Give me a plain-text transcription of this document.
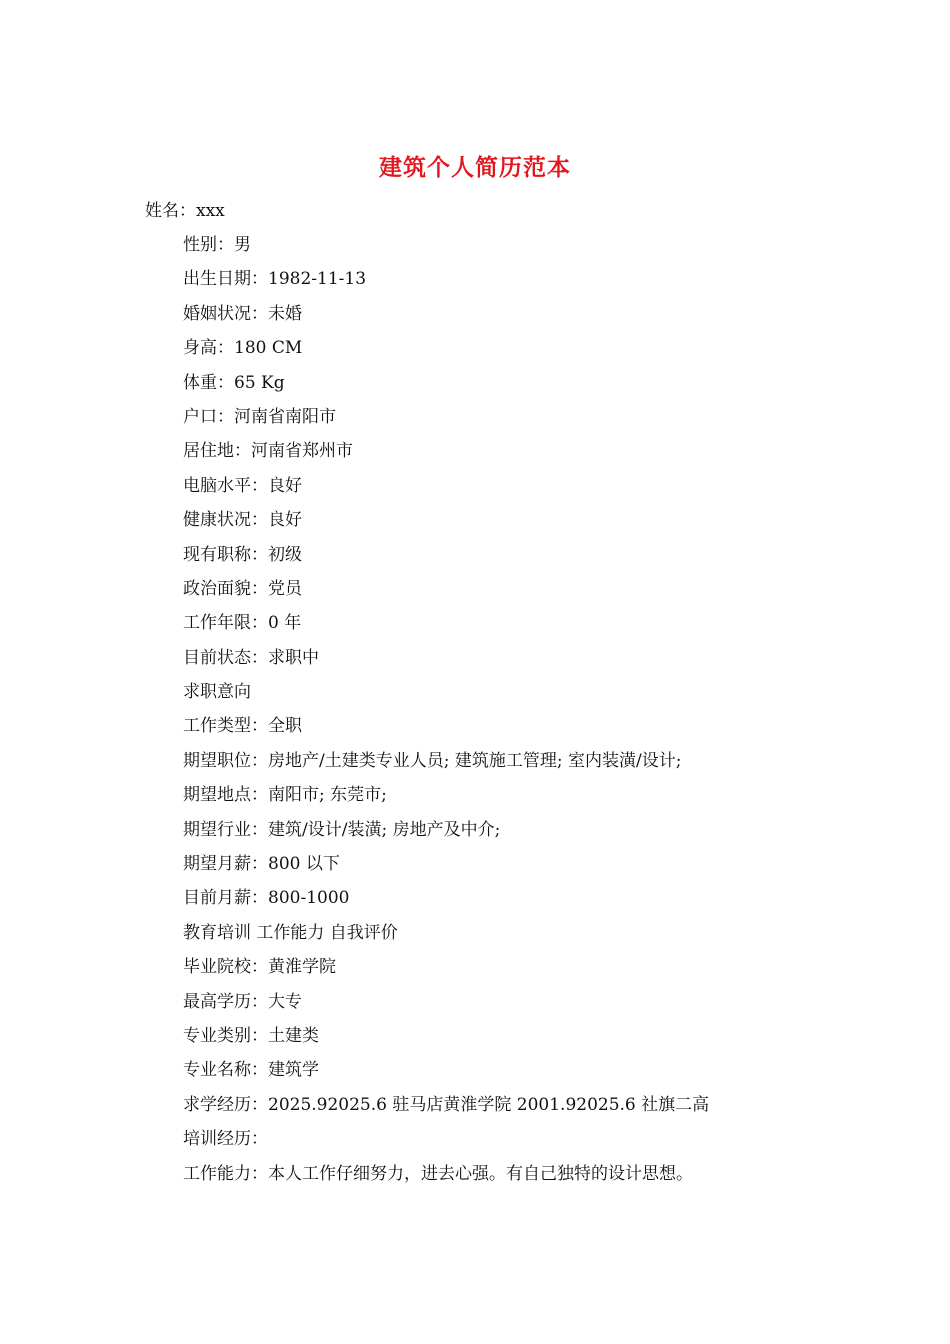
建筑个人简历范本
姓名：xxx
性别：男
出生日期：1982-11-13
婚姻状况：未婚
身高：180 CM
体重：65 Kg
户口：河南省南阳市
居住地：河南省郑州市
电脑水平：良好
健康状况：良好
现有职称：初级
政治面貌：党员
工作年限：0 年
目前状态：求职中
求职意向
工作类型：全职
期望职位：房地产/土建类专业人员; 建筑施工管理; 室内装潢/设计;
期望地点：南阳市; 东莞市;
期望行业：建筑/设计/装潢; 房地产及中介;
期望月薪：800 以下
目前月薪：800-1000
教育培训 工作能力 自我评价
毕业院校：黄淮学院
最高学历：大专
专业类别：土建类
专业名称：建筑学
求学经历：2025.92025.6 驻马店黄淮学院 2001.92025.6 社旗二高
培训经历：
工作能力：本人工作仔细努力，进去心强。有自己独特的设计思想。
